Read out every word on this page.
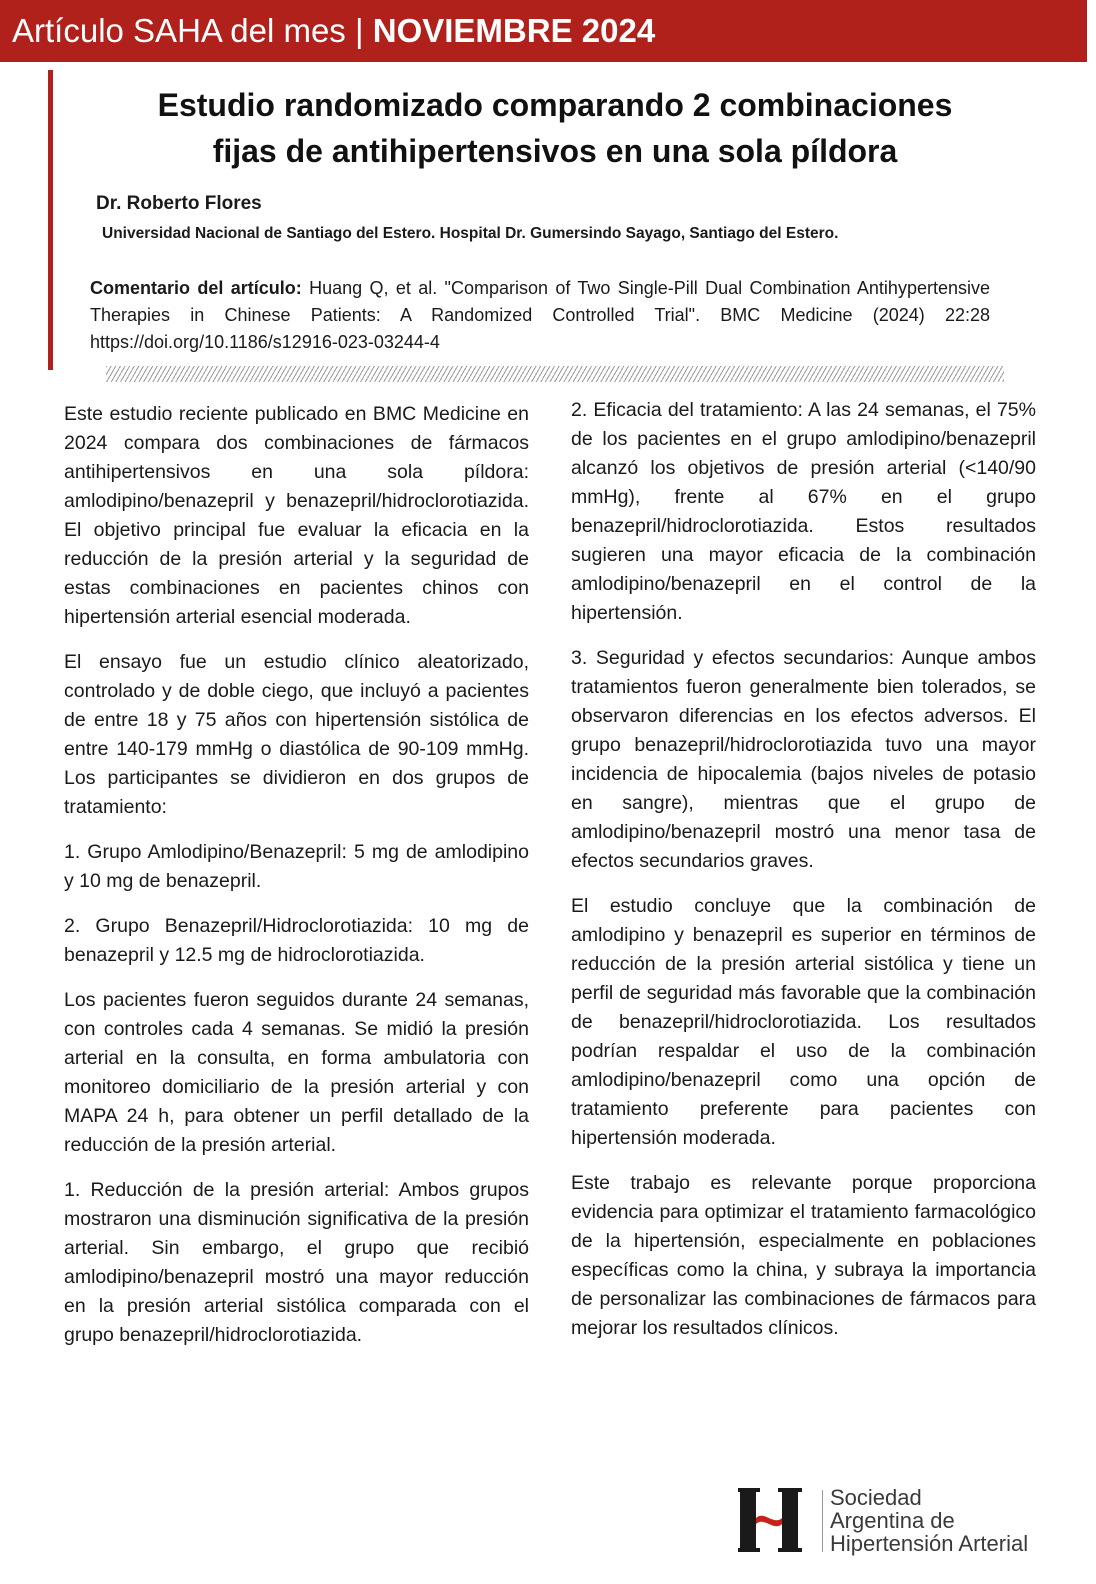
Artículo SAHA del mes | NOVIEMBRE 2024
Estudio randomizado comparando 2 combinaciones
fijas de antihipertensivos en una sola píldora

Dr. Roberto Flores

Universidad Nacional de Santiago del Estero. Hospital Dr. Gumersindo Sayago, Santiago del Estero.

Comentario del artículo: Huang Q, et al. "Comparison of Two Single-Pill Dual Combination Antihypertensive Therapies in Chinese Patients: A Randomized Controlled Trial". BMC Medicine (2024) 22:28 https://doi.org/10.1186/s12916-023-03244-4

Este estudio reciente publicado en BMC Medicine en 2024 compara dos combinaciones de fármacos antihipertensivos en una sola píldora: amlodipino/benazepril y benazepril/hidroclorotiazida. El objetivo principal fue evaluar la eficacia en la reducción de la presión arterial y la seguridad de estas combinaciones en pacientes chinos con hipertensión arterial esencial moderada.

El ensayo fue un estudio clínico aleatorizado, controlado y de doble ciego, que incluyó a pacientes de entre 18 y 75 años con hipertensión sistólica de entre 140-179 mmHg o diastólica de 90-109 mmHg. Los participantes se dividieron en dos grupos de tratamiento:

1. Grupo Amlodipino/Benazepril: 5 mg de amlodipino y 10 mg de benazepril.

2. Grupo Benazepril/Hidroclorotiazida: 10 mg de benazepril y 12.5 mg de hidroclorotiazida.

Los pacientes fueron seguidos durante 24 semanas, con controles cada 4 semanas. Se midió la presión arterial en la consulta, en forma ambulatoria con monitoreo domiciliario de la presión arterial y con MAPA 24 h, para obtener un perfil detallado de la reducción de la presión arterial.

1. Reducción de la presión arterial: Ambos grupos mostraron una disminución significativa de la presión arterial. Sin embargo, el grupo que recibió amlodipino/benazepril mostró una mayor reducción en la presión arterial sistólica comparada con el grupo benazepril/hidroclorotiazida.

2. Eficacia del tratamiento: A las 24 semanas, el 75% de los pacientes en el grupo amlodipino/benazepril alcanzó los objetivos de presión arterial (<140/90 mmHg), frente al 67% en el grupo benazepril/hidroclorotiazida. Estos resultados sugieren una mayor eficacia de la combinación amlodipino/benazepril en el control de la hipertensión.

3. Seguridad y efectos secundarios: Aunque ambos tratamientos fueron generalmente bien tolerados, se observaron diferencias en los efectos adversos. El grupo benazepril/hidroclorotiazida tuvo una mayor incidencia de hipocalemia (bajos niveles de potasio en sangre), mientras que el grupo de amlodipino/benazepril mostró una menor tasa de efectos secundarios graves.

El estudio concluye que la combinación de amlodipino y benazepril es superior en términos de reducción de la presión arterial sistólica y tiene un perfil de seguridad más favorable que la combinación de benazepril/hidroclorotiazida. Los resultados podrían respaldar el uso de la combinación amlodipino/benazepril como una opción de tratamiento preferente para pacientes con hipertensión moderada.

Este trabajo es relevante porque proporciona evidencia para optimizar el tratamiento farmacológico de la hipertensión, especialmente en poblaciones específicas como la china, y subraya la importancia de personalizar las combinaciones de fármacos para mejorar los resultados clínicos.

Sociedad
Argentina de
Hipertensión Arterial
